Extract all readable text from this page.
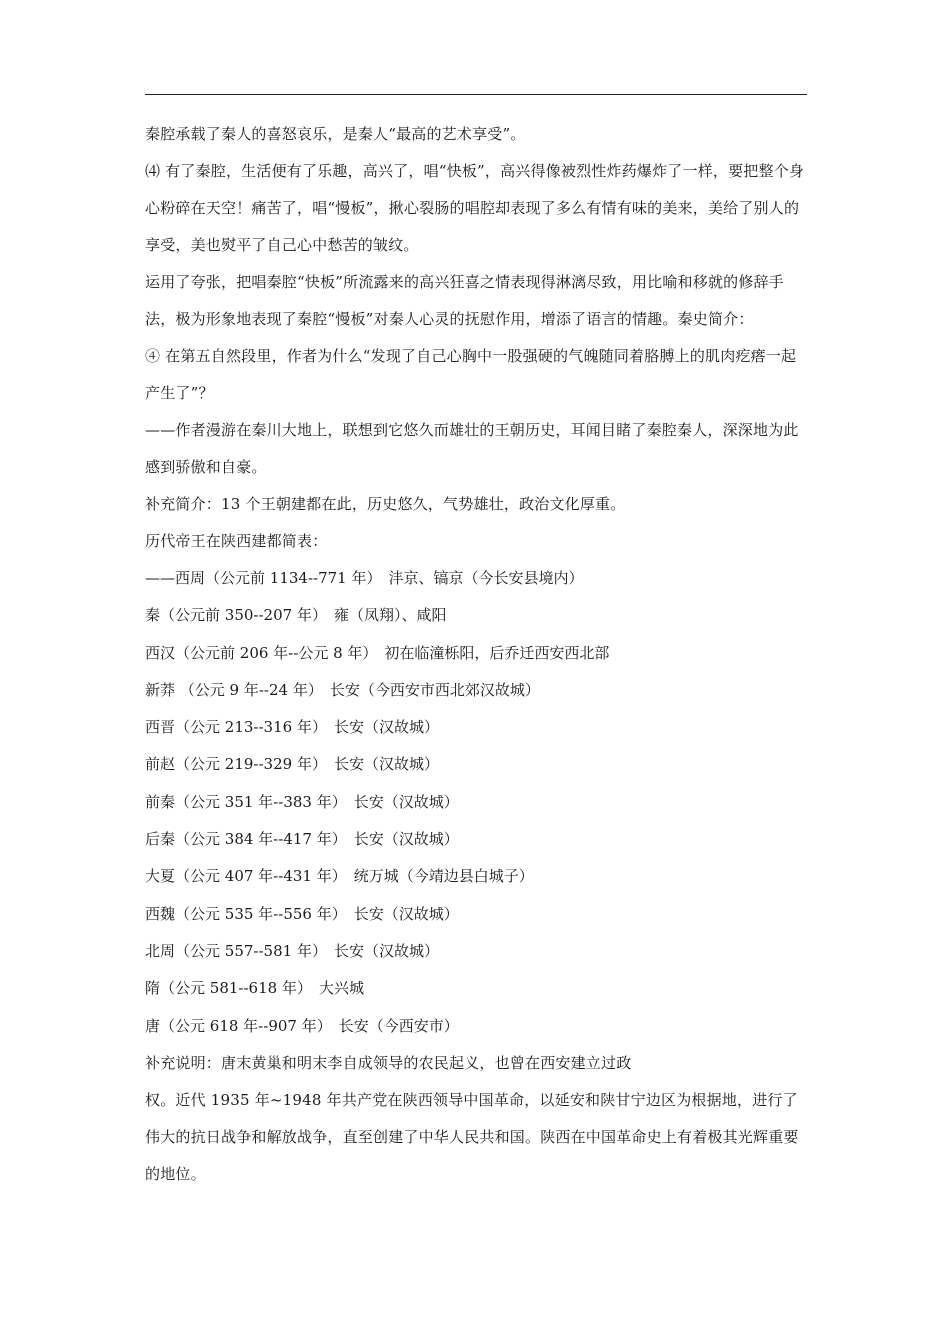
秦腔承载了秦人的喜怒哀乐，是秦人“最高的艺术享受”。

⑷ 有了秦腔，生活便有了乐趣，高兴了，唱“快板”，高兴得像被烈性炸药爆炸了一样，要把整个身心粉碎在天空！痛苦了，唱“慢板”，揪心裂肠的唱腔却表现了多么有情有味的美来，美给了别人的享受，美也熨平了自己心中愁苦的皱纹。

运用了夸张，把唱秦腔“快板”所流露来的高兴狂喜之情表现得淋漓尽致，用比喻和移就的修辞手法，极为形象地表现了秦腔“慢板”对秦人心灵的抚慰作用，增添了语言的情趣。秦史简介：

④ 在第五自然段里，作者为什么“发现了自己心胸中一股强硬的气魄随同着胳膊上的肌肉疙瘩一起产生了”？

——作者漫游在秦川大地上，联想到它悠久而雄壮的王朝历史，耳闻目睹了秦腔秦人，深深地为此感到骄傲和自豪。

补充简介：13 个王朝建都在此，历史悠久，气势雄壮，政治文化厚重。

历代帝王在陕西建都简表：

——西周（公元前 1134--771 年） 沣京、镐京（今长安县境内）

秦（公元前 350--207 年） 雍（凤翔）、咸阳

西汉（公元前 206 年--公元 8 年） 初在临潼栎阳，后乔迁西安西北部

新莽 （公元 9 年--24 年） 长安（今西安市西北郊汉故城）

西晋（公元 213--316 年） 长安（汉故城）

前赵（公元 219--329 年） 长安（汉故城）

前秦（公元 351 年--383 年） 长安（汉故城）

后秦（公元 384 年--417 年） 长安（汉故城）

大夏（公元 407 年--431 年） 统万城（今靖边县白城子）

西魏（公元 535 年--556 年） 长安（汉故城）

北周（公元 557--581 年） 长安（汉故城）

隋（公元 581--618 年） 大兴城

唐（公元 618 年--907 年） 长安（今西安市）

补充说明：唐末黄巢和明末李自成领导的农民起义，也曾在西安建立过政

权。近代 1935 年~1948 年共产党在陕西领导中国革命，以延安和陕甘宁边区为根据地，进行了伟大的抗日战争和解放战争，直至创建了中华人民共和国。陕西在中国革命史上有着极其光辉重要的地位。
